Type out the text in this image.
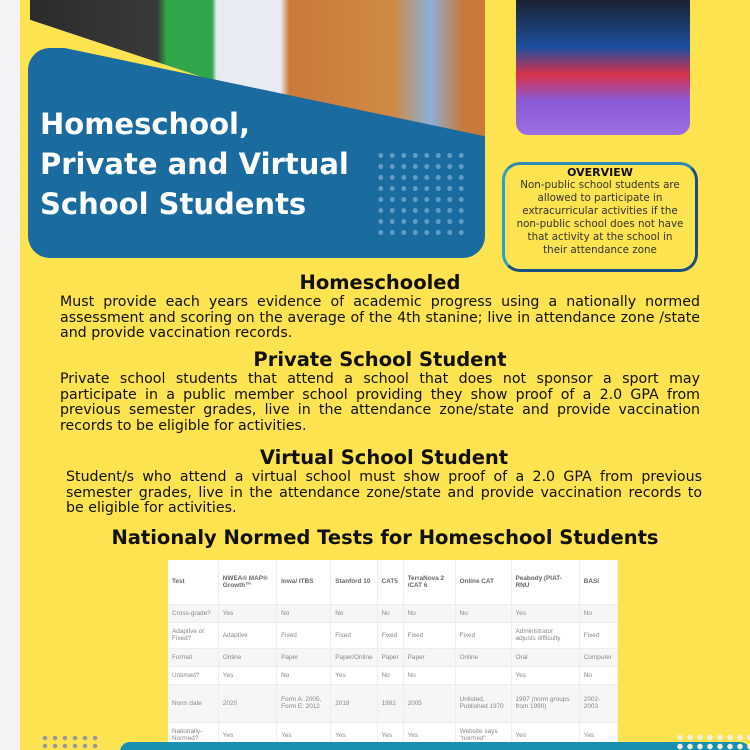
Homeschool,
Private and Virtual
School Students
OVERVIEW
Non-public school students are allowed to participate in extracurricular activities if the non-public school does not have that activity at the school in their attendance zone
Homeschooled

Must provide each years evidence of academic progress using a nationally normed assessment and scoring on the average of the 4th stanine; live in attendance zone /state and provide vaccination records.

Private School Student

Private school students that attend a school that does not sponsor a sport may participate in a public member school providing they show proof of a 2.0 GPA from previous semester grades, live in the attendance zone/state and provide vaccination records to be eligible for activities.

Virtual School Student

Student/s who attend a virtual school must show proof of a 2.0 GPA from previous semester grades, live in the attendance zone/state and provide vaccination records to be eligible for activities.

Nationaly Normed Tests for Homeschool Students
Test	NWEA® MAP® Growth™	Iowa/ ITBS	Stanford 10	CAT5	TerraNova 2 /CAT 6	Online CAT	Peabody (PIAT-RNU	BASI
Cross-grade?	Yes	No	No	No	No	No	Yes	No
Adaptive or Fixed?	Adaptive	Fixed	Fixed	Fixed	Fixed	Fixed	Administrator adjusts difficulty	Fixed
Format	Online	Paper	Paper/Online	Paper	Paper	Online	Oral	Computer
Untimed?	Yes	No	Yes	No	No		Yes	No
Norm date	2020	Form A: 2005, Form E: 2012	2018	1992	2005	Unlisted, Published 1970	1997 (norm groups from 1990)	2002-2003
Nationally-Normed?	Yes	Yes	Yes	Yes	Yes	Website says "normed"	Yes	Yes
